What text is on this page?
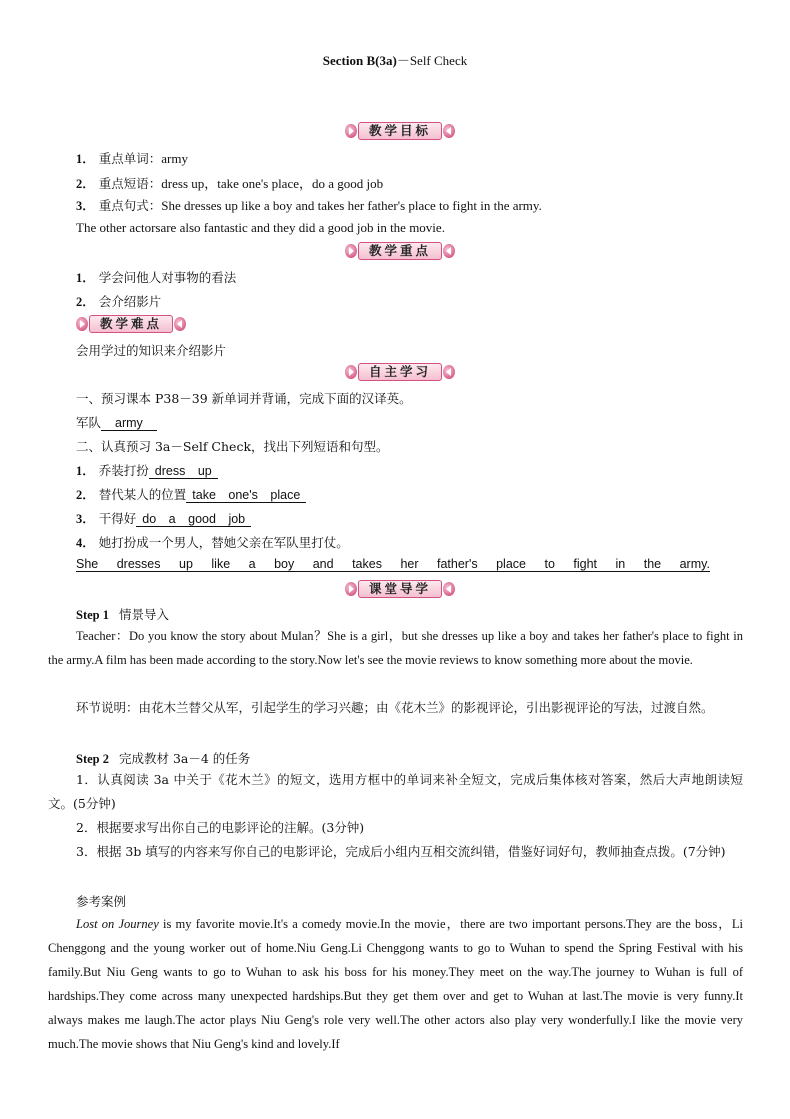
Section B(3a)－Self Check
教学目标
1． 重点单词：army
2． 重点短语：dress up，take one's place，do a good job
3． 重点句式：She dresses up like a boy and takes her father's place to fight in the army.
The other actorsare also fantastic and they did a good job in the movie.
教学重点
1． 学会问他人对事物的看法
2． 会介绍影片
教学难点
会用学过的知识来介绍影片
自主学习
一、预习课本 P38－39 新单词并背诵，完成下面的汉译英。
军队 army
二、认真预习 3a－Self Check，找出下列短语和句型。
1． 乔装打扮 dress　up
2． 替代某人的位置 take　one's　place
3． 干得好 do　a　good　job
4． 她打扮成一个男人，替她父亲在军队里打仗。
She dresses up like a boy and takes her father's place to fight in the army.
课堂导学
Step 1 情景导入
Teacher：Do you know the story about Mulan？She is a girl，but she dresses up like a boy and takes her father's place to fight in the army.A film has been made according to the story.Now let's see the movie reviews to know something more about the movie.
环节说明：由花木兰替父从军，引起学生的学习兴趣；由《花木兰》的影视评论，引出影视评论的写法，过渡自然。
Step 2 完成教材 3a－4 的任务
1．认真阅读 3a 中关于《花木兰》的短文，选用方框中的单词来补全短文，完成后集体核对答案，然后大声地朗读短文。(5分钟)
2．根据要求写出你自己的电影评论的注解。(3分钟)
3．根据 3b 填写的内容来写你自己的电影评论，完成后小组内互相交流纠错，借鉴好词好句，教师抽查点拨。(7分钟)
参考案例
Lost on Journey is my favorite movie.It's a comedy movie.In the movie，there are two important persons.They are the boss，Li Chenggong and the young worker out of home.Niu Geng.Li Chenggong wants to go to Wuhan to spend the Spring Festival with his family.But Niu Geng wants to go to Wuhan to ask his boss for his money.They meet on the way.The journey to Wuhan is full of hardships.They come across many unexpected hardships.But they get them over and get to Wuhan at last.The movie is very funny.It always makes me laugh.The actor plays Niu Geng's role very well.The other actors also play very wonderfully.I like the movie very much.The movie shows that Niu Geng's kind and lovely.If
